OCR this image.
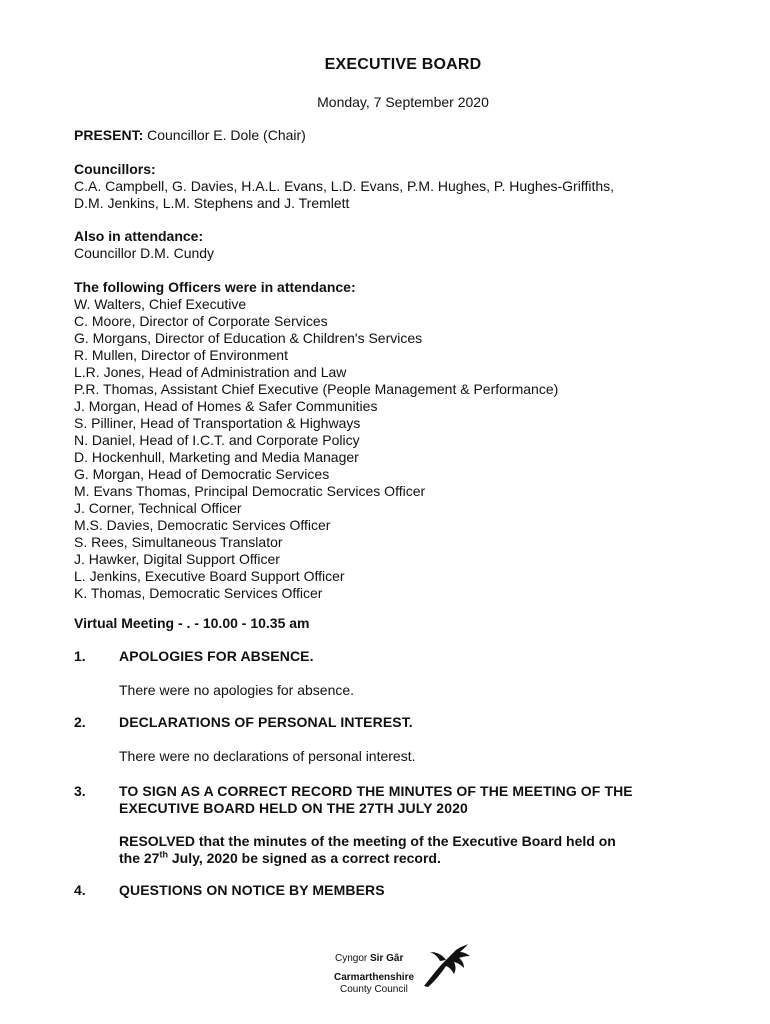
EXECUTIVE BOARD
Monday, 7 September 2020
PRESENT: Councillor E. Dole (Chair)
Councillors:
C.A. Campbell, G. Davies, H.A.L. Evans, L.D. Evans, P.M. Hughes, P. Hughes-Griffiths,
D.M. Jenkins, L.M. Stephens and J. Tremlett
Also in attendance:
Councillor D.M. Cundy
The following Officers were in attendance:
W. Walters, Chief Executive
C. Moore, Director of Corporate Services
G. Morgans, Director of Education & Children's Services
R. Mullen, Director of Environment
L.R. Jones, Head of Administration and Law
P.R. Thomas, Assistant Chief Executive (People Management & Performance)
J. Morgan, Head of Homes & Safer Communities
S. Pilliner, Head of Transportation & Highways
N. Daniel, Head of I.C.T. and Corporate Policy
D. Hockenhull, Marketing and Media Manager
G. Morgan, Head of Democratic Services
M. Evans Thomas, Principal Democratic Services Officer
J. Corner, Technical Officer
M.S. Davies, Democratic Services Officer
S. Rees, Simultaneous Translator
J. Hawker, Digital Support Officer
L. Jenkins, Executive Board Support Officer
K. Thomas, Democratic Services Officer
Virtual Meeting - . - 10.00 - 10.35 am
1. APOLOGIES FOR ABSENCE.
There were no apologies for absence.
2. DECLARATIONS OF PERSONAL INTEREST.
There were no declarations of personal interest.
3. TO SIGN AS A CORRECT RECORD THE MINUTES OF THE MEETING OF THE
EXECUTIVE BOARD HELD ON THE 27TH JULY 2020
RESOLVED that the minutes of the meeting of the Executive Board held on
the 27th July, 2020 be signed as a correct record.
4. QUESTIONS ON NOTICE BY MEMBERS
Cyngor Sir Gâr
Carmarthenshire
County Council
